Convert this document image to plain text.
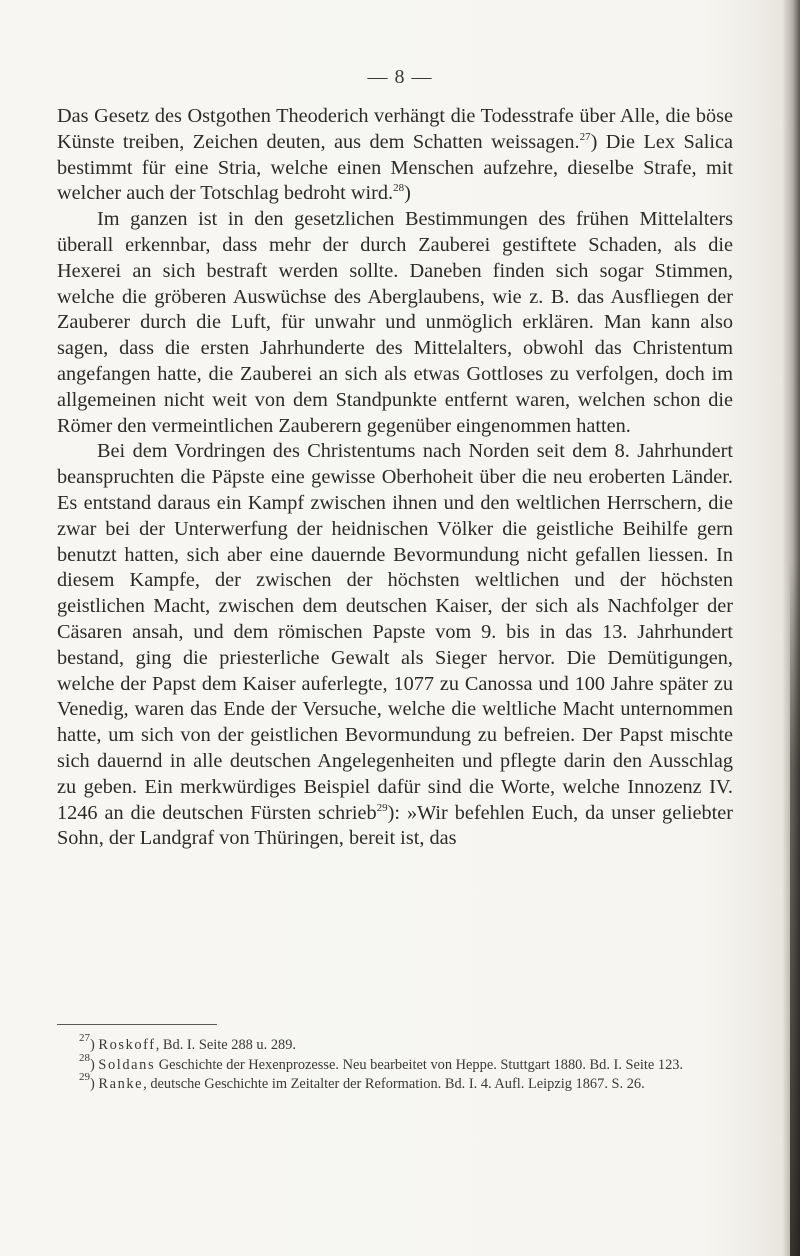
— 8 —

Das Gesetz des Ostgothen Theoderich verhängt die Todesstrafe über Alle, die böse Künste treiben, Zeichen deuten, aus dem Schatten weissagen.$^{27}$) Die Lex Salica bestimmt für eine Stria, welche einen Menschen aufzehre, dieselbe Strafe, mit welcher auch der Totschlag bedroht wird.$^{28}$)

Im ganzen ist in den gesetzlichen Bestimmungen des frühen Mittelalters überall erkennbar, dass mehr der durch Zauberei gestiftete Schaden, als die Hexerei an sich bestraft werden sollte. Daneben finden sich sogar Stimmen, welche die gröberen Auswüchse des Aberglaubens, wie z. B. das Ausfliegen der Zauberer durch die Luft, für unwahr und unmöglich erklären. Man kann also sagen, dass die ersten Jahrhunderte des Mittelalters, obwohl das Christentum angefangen hatte, die Zauberei an sich als etwas Gottloses zu verfolgen, doch im allgemeinen nicht weit von dem Standpunkte entfernt waren, welchen schon die Römer den vermeintlichen Zauberern gegenüber eingenommen hatten.

Bei dem Vordringen des Christentums nach Norden seit dem 8. Jahrhundert beanspruchten die Päpste eine gewisse Oberhoheit über die neu eroberten Länder. Es entstand daraus ein Kampf zwischen ihnen und den weltlichen Herrschern, die zwar bei der Unterwerfung der heidnischen Völker die geistliche Beihilfe gern benutzt hatten, sich aber eine dauernde Bevormundung nicht gefallen liessen. In diesem Kampfe, der zwischen der höchsten weltlichen und der höchsten geistlichen Macht, zwischen dem deutschen Kaiser, der sich als Nachfolger der Cäsaren ansah, und dem römischen Papste vom 9. bis in das 13. Jahrhundert bestand, ging die priesterliche Gewalt als Sieger hervor. Die Demütigungen, welche der Papst dem Kaiser auferlegte, 1077 zu Canossa und 100 Jahre später zu Venedig, waren das Ende der Versuche, welche die weltliche Macht unternommen hatte, um sich von der geistlichen Bevormundung zu befreien. Der Papst mischte sich dauernd in alle deutschen Angelegenheiten und pflegte darin den Ausschlag zu geben. Ein merkwürdiges Beispiel dafür sind die Worte, welche Innozenz IV. 1246 an die deutschen Fürsten schrieb$^{29}$): »Wir befehlen Euch, da unser geliebter Sohn, der Landgraf von Thüringen, bereit ist, das

$^{27}$) Roskoff, Bd. I. Seite 288 u. 289.

$^{28}$) Soldans Geschichte der Hexenprozesse. Neu bearbeitet von Heppe. Stuttgart 1880. Bd. I. Seite 123.

$^{29}$) Ranke, deutsche Geschichte im Zeitalter der Reformation. Bd. I. 4. Aufl. Leipzig 1867. S. 26.
